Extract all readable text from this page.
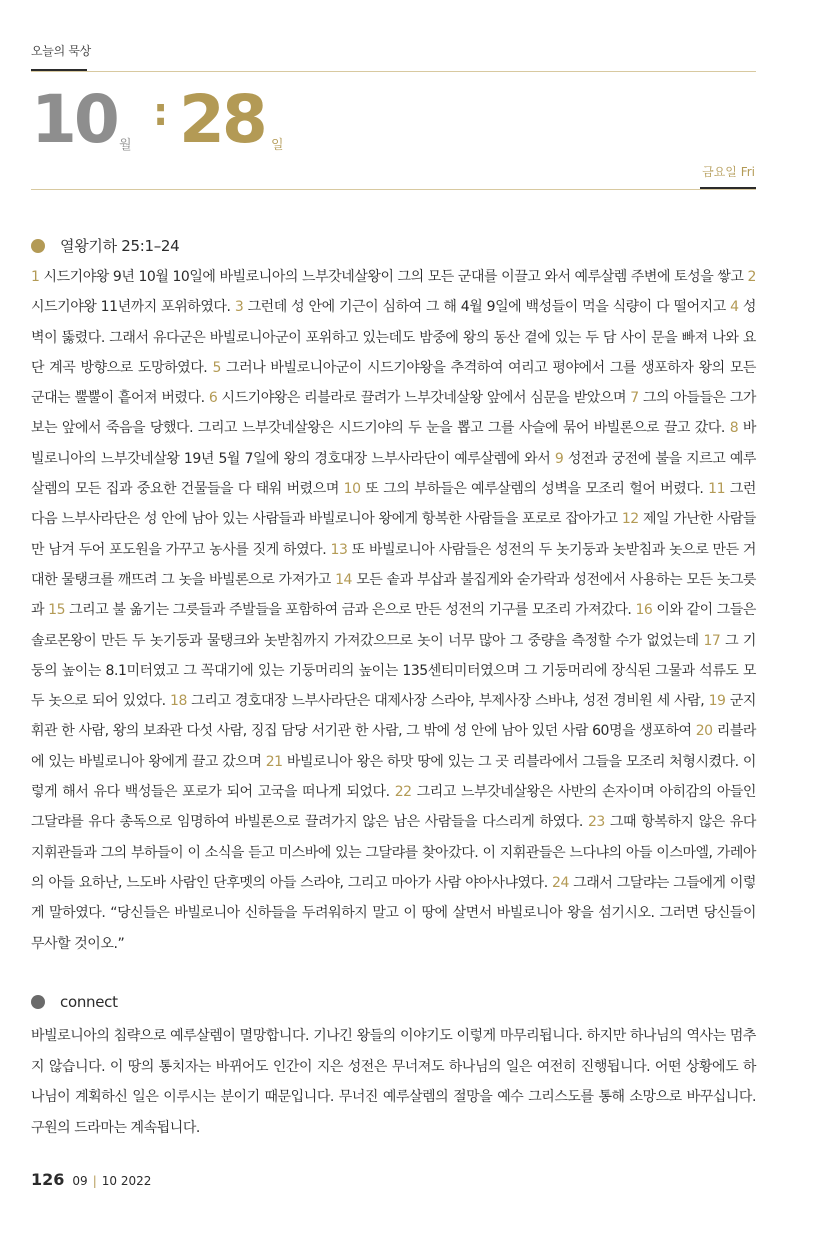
오늘의 묵상
10 월
: 28 일
금요일 Fri
열왕기하 25:1–24
1 시드기야왕 9년 10월 10일에 바빌로니아의 느부갓네살왕이 그의 모든 군대를 이끌고 와서 예루살렘 주변에 토성을 쌓고 2 시드기야왕 11년까지 포위하였다. 3 그런데 성 안에 기근이 심하여 그 해 4월 9일에 백성들이 먹을 식량이 다 떨어지고 4 성벽이 뚫렸다. 그래서 유다군은 바빌로니아군이 포위하고 있는데도 밤중에 왕의 동산 곁에 있는 두 담 사이 문을 빠져 나와 요단 계곡 방향으로 도망하였다. 5 그러나 바빌로니아군이 시드기야왕을 추격하여 여리고 평야에서 그를 생포하자 왕의 모든 군대는 뿔뿔이 흩어져 버렸다. 6 시드기야왕은 리블라로 끌려가 느부갓네살왕 앞에서 심문을 받았으며 7 그의 아들들은 그가 보는 앞에서 죽음을 당했다. 그리고 느부갓네살왕은 시드기야의 두 눈을 뽑고 그를 사슬에 묶어 바빌론으로 끌고 갔다. 8 바빌로니아의 느부갓네살왕 19년 5월 7일에 왕의 경호대장 느부사라단이 예루살렘에 와서 9 성전과 궁전에 불을 지르고 예루살렘의 모든 집과 중요한 건물들을 다 태워 버렸으며 10 또 그의 부하들은 예루살렘의 성벽을 모조리 헐어 버렸다. 11 그런 다음 느부사라단은 성 안에 남아 있는 사람들과 바빌로니아 왕에게 항복한 사람들을 포로로 잡아가고 12 제일 가난한 사람들만 남겨 두어 포도원을 가꾸고 농사를 짓게 하였다. 13 또 바빌로니아 사람들은 성전의 두 놋기둥과 놋받침과 놋으로 만든 거대한 물탱크를 깨뜨려 그 놋을 바빌론으로 가져가고 14 모든 솥과 부삽과 불집게와 숟가락과 성전에서 사용하는 모든 놋그릇과 15 그리고 불 옮기는 그릇들과 주발들을 포함하여 금과 은으로 만든 성전의 기구를 모조리 가져갔다. 16 이와 같이 그들은 솔로몬왕이 만든 두 놋기둥과 물탱크와 놋받침까지 가져갔으므로 놋이 너무 많아 그 중량을 측정할 수가 없었는데 17 그 기둥의 높이는 8.1미터였고 그 꼭대기에 있는 기둥머리의 높이는 135센티미터였으며 그 기둥머리에 장식된 그물과 석류도 모두 놋으로 되어 있었다. 18 그리고 경호대장 느부사라단은 대제사장 스라야, 부제사장 스바냐, 성전 경비원 세 사람, 19 군지휘관 한 사람, 왕의 보좌관 다섯 사람, 징집 담당 서기관 한 사람, 그 밖에 성 안에 남아 있던 사람 60명을 생포하여 20 리블라에 있는 바빌로니아 왕에게 끌고 갔으며 21 바빌로니아 왕은 하맛 땅에 있는 그 곳 리블라에서 그들을 모조리 처형시켰다. 이렇게 해서 유다 백성들은 포로가 되어 고국을 떠나게 되었다. 22 그리고 느부갓네살왕은 사반의 손자이며 아히감의 아들인 그달랴를 유다 총독으로 임명하여 바빌론으로 끌려가지 않은 남은 사람들을 다스리게 하였다. 23 그때 항복하지 않은 유다 지휘관들과 그의 부하들이 이 소식을 듣고 미스바에 있는 그달랴를 찾아갔다. 이 지휘관들은 느다냐의 아들 이스마엘, 가레아의 아들 요하난, 느도바 사람인 단후멧의 아들 스라야, 그리고 마아가 사람 야아사냐였다. 24 그래서 그달랴는 그들에게 이렇게 말하였다. “당신들은 바빌로니아 신하들을 두려워하지 말고 이 땅에 살면서 바빌로니아 왕을 섬기시오. 그러면 당신들이 무사할 것이오.”
connect
바빌로니아의 침략으로 예루살렘이 멸망합니다. 기나긴 왕들의 이야기도 이렇게 마무리됩니다. 하지만 하나님의 역사는 멈추지 않습니다. 이 땅의 통치자는 바뀌어도 인간이 지은 성전은 무너져도 하나님의 일은 여전히 진행됩니다. 어떤 상황에도 하나님이 계획하신 일은 이루시는 분이기 때문입니다. 무너진 예루살렘의 절망을 예수 그리스도를 통해 소망으로 바꾸십니다. 구원의 드라마는 계속됩니다.
126 09 | 10 2022
